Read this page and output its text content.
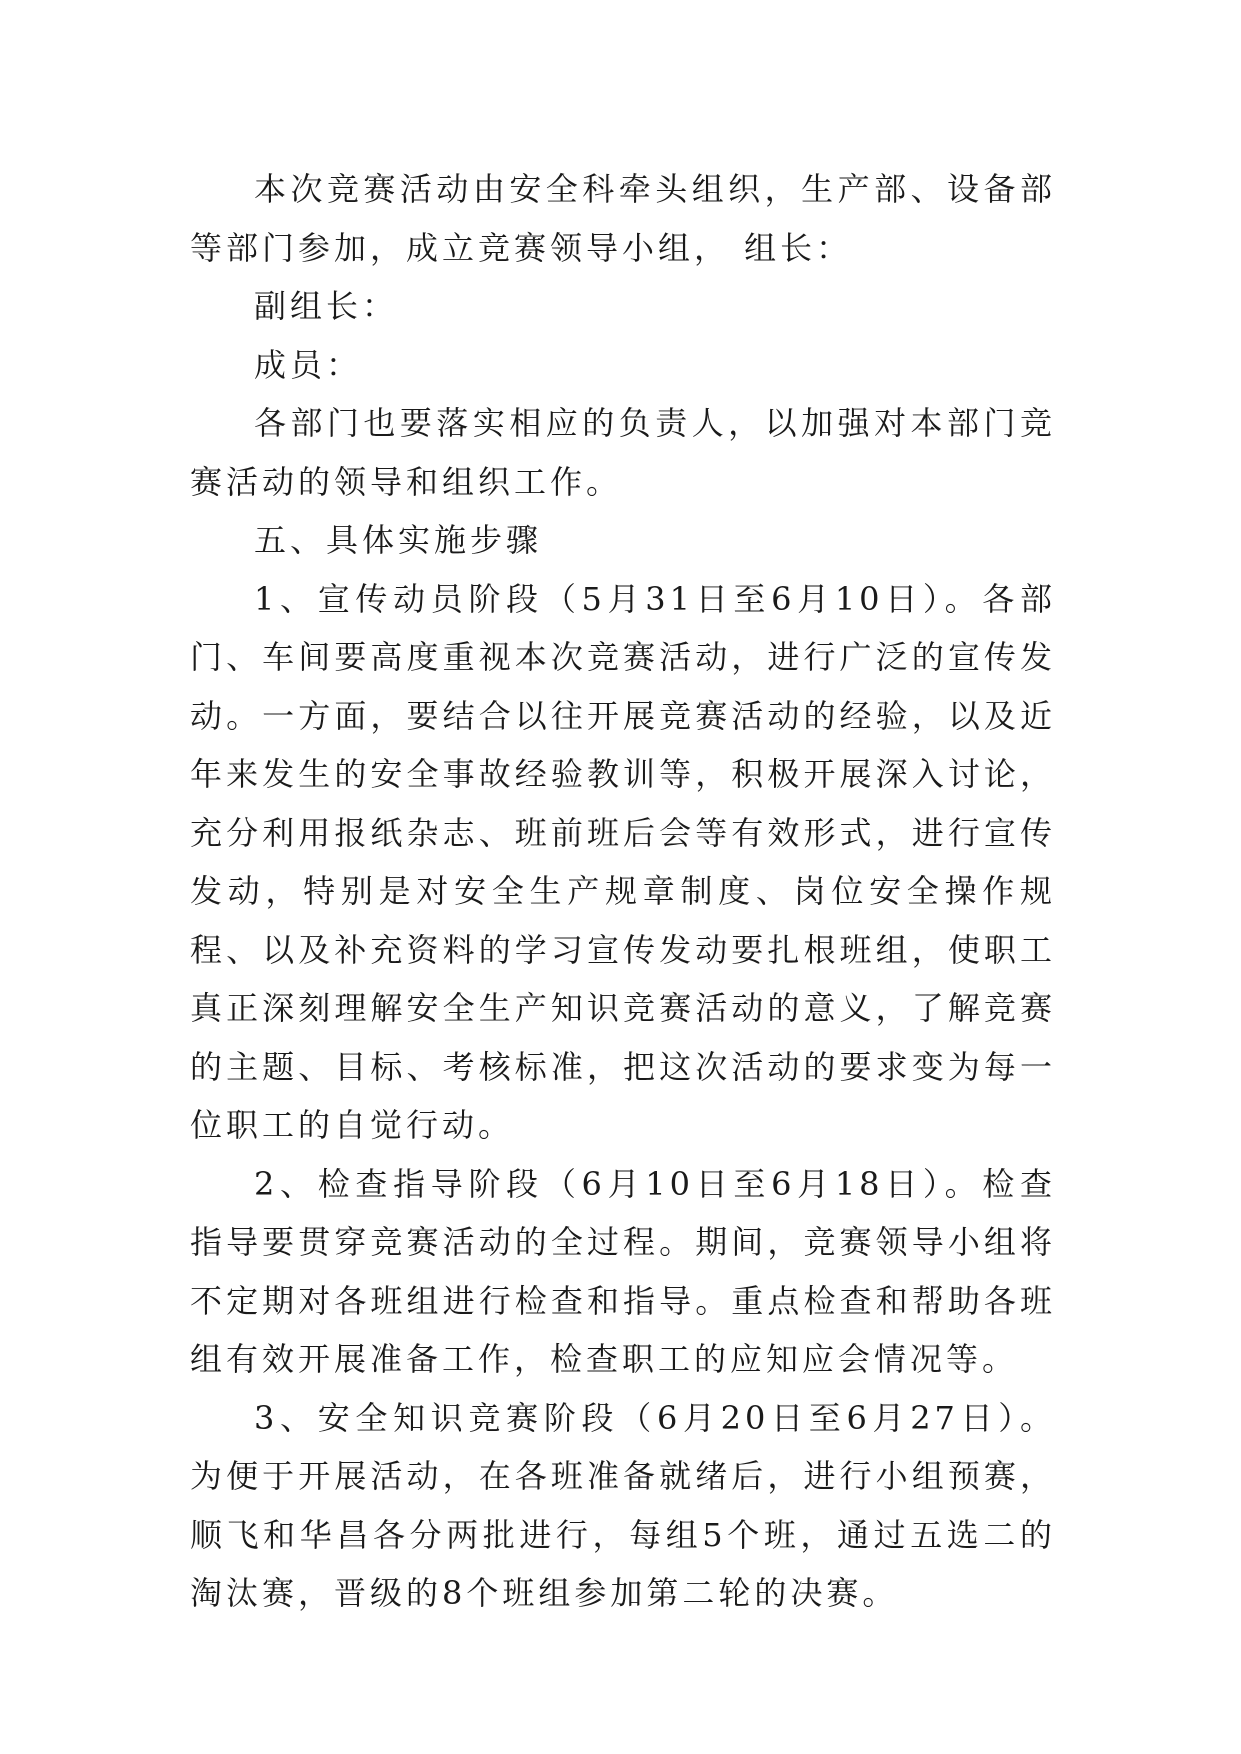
本次竞赛活动由安全科牵头组织，生产部、设备部等部门参加，成立竞赛领导小组， 组长：

副组长：

成员：

各部门也要落实相应的负责人，以加强对本部门竞赛活动的领导和组织工作。

五、具体实施步骤

1、宣传动员阶段（5月31日至6月10日）。各部门、车间要高度重视本次竞赛活动，进行广泛的宣传发动。一方面，要结合以往开展竞赛活动的经验，以及近年来发生的安全事故经验教训等，积极开展深入讨论，充分利用报纸杂志、班前班后会等有效形式，进行宣传发动，特别是对安全生产规章制度、岗位安全操作规程、以及补充资料的学习宣传发动要扎根班组，使职工真正深刻理解安全生产知识竞赛活动的意义，了解竞赛的主题、目标、考核标准，把这次活动的要求变为每一位职工的自觉行动。

2、检查指导阶段（6月10日至6月18日）。检查指导要贯穿竞赛活动的全过程。期间，竞赛领导小组将不定期对各班组进行检查和指导。重点检查和帮助各班组有效开展准备工作，检查职工的应知应会情况等。

3、安全知识竞赛阶段（6月20日至6月27日）。为便于开展活动，在各班准备就绪后，进行小组预赛，顺飞和华昌各分两批进行，每组5个班，通过五选二的淘汰赛，晋级的8个班组参加第二轮的决赛。
